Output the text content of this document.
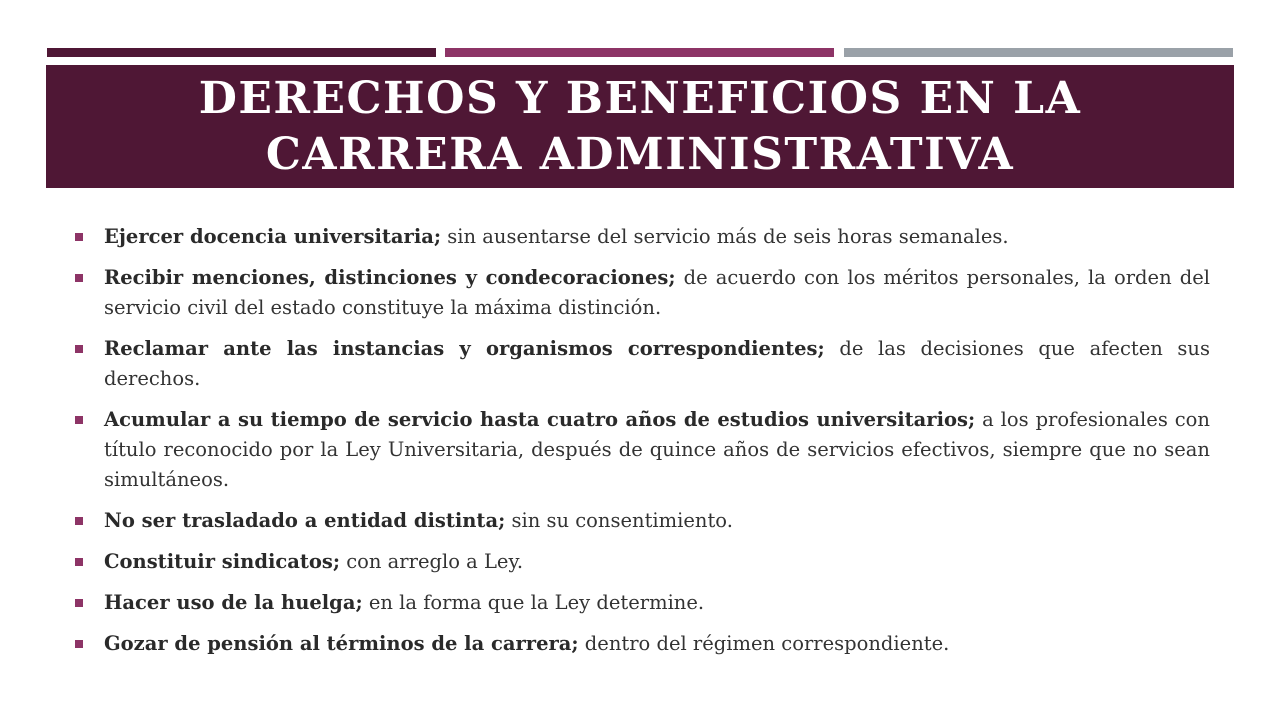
DERECHOS Y BENEFICIOS EN LA
CARRERA ADMINISTRATIVA
Ejercer docencia universitaria; sin ausentarse del servicio más de seis horas semanales.
Recibir menciones, distinciones y condecoraciones; de acuerdo con los méritos personales, la orden del servicio civil del estado constituye la máxima distinción.
Reclamar ante las instancias y organismos correspondientes; de las decisiones que afecten sus derechos.
Acumular a su tiempo de servicio hasta cuatro años de estudios universitarios; a los profesionales con título reconocido por la Ley Universitaria, después de quince años de servicios efectivos, siempre que no sean simultáneos.
No ser trasladado a entidad distinta; sin su consentimiento.
Constituir sindicatos; con arreglo a Ley.
Hacer uso de la huelga; en la forma que la Ley determine.
Gozar de pensión al términos de la carrera; dentro del régimen correspondiente.
